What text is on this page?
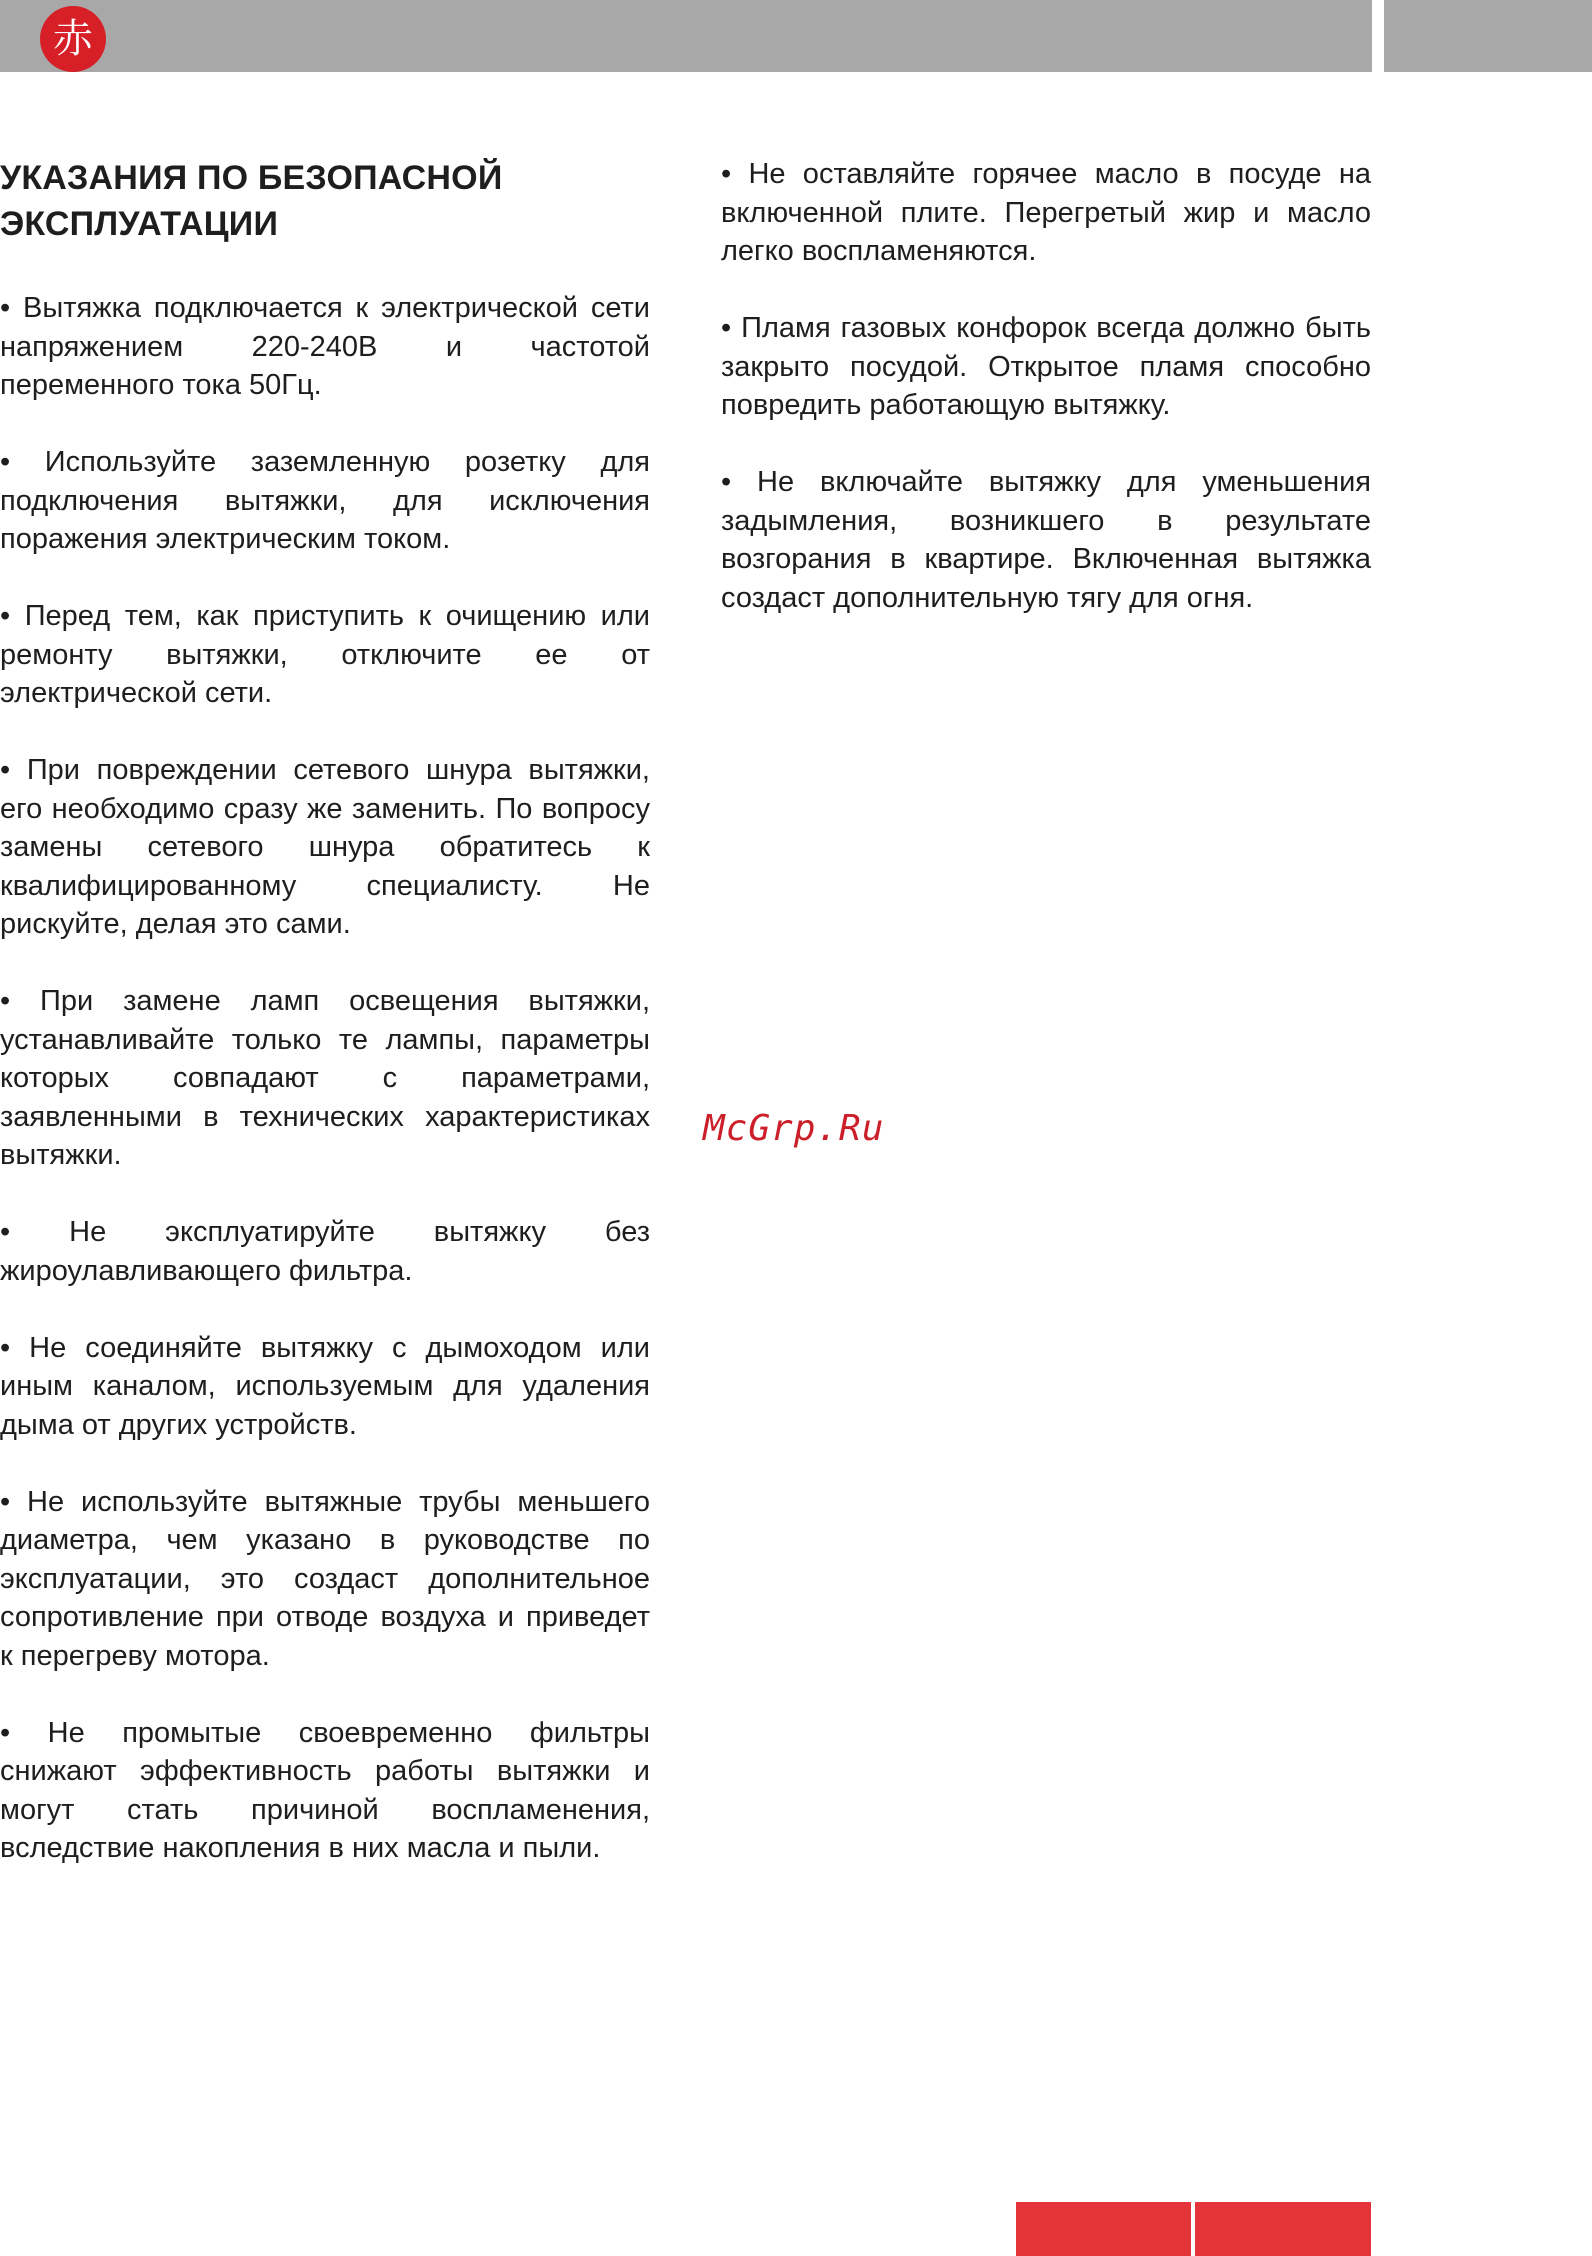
赤
УКАЗАНИЯ ПО БЕЗОПАСНОЙ ЭКСПЛУАТАЦИИ

• Вытяжка подключается к электрической сети напряжением 220-240В и частотой переменного тока 50Гц.

• Используйте заземленную розетку для подключения вытяжки, для исключения поражения электрическим током.

• Перед тем, как приступить к очищению или ремонту вытяжки, отключите ее от электрической сети.

• При повреждении сетевого шнура вытяжки, его необходимо сразу же заменить. По вопросу замены сетевого шнура обратитесь к квалифицированному специалисту. Не рискуйте, делая это сами.

• При замене ламп освещения вытяжки, устанавливайте только те лампы, параметры которых совпадают с параметрами, заявленными в технических характеристиках вытяжки.

• Не эксплуатируйте вытяжку без жироулавливающего фильтра.

• Не соединяйте вытяжку с дымоходом или иным каналом, используемым для удаления дыма от других устройств.

• Не используйте вытяжные трубы меньшего диаметра, чем указано в руководстве по эксплуатации, это создаст дополнительное сопротивление при отводе воздуха и приведет к перегреву мотора.

• Не промытые своевременно фильтры снижают эффективность работы вытяжки и могут стать причиной воспламенения, вследствие накопления в них масла и пыли.

• Не оставляйте горячее масло в посуде на включенной плите. Перегретый жир и масло легко воспламеняются.

• Пламя газовых конфорок всегда должно быть закрыто посудой. Открытое пламя способно повредить работающую вытяжку.

• Не включайте вытяжку для уменьшения задымления, возникшего в результате возгорания в квартире. Включенная вытяжка создаст дополнительную тягу для огня.

McGrp.Ru
